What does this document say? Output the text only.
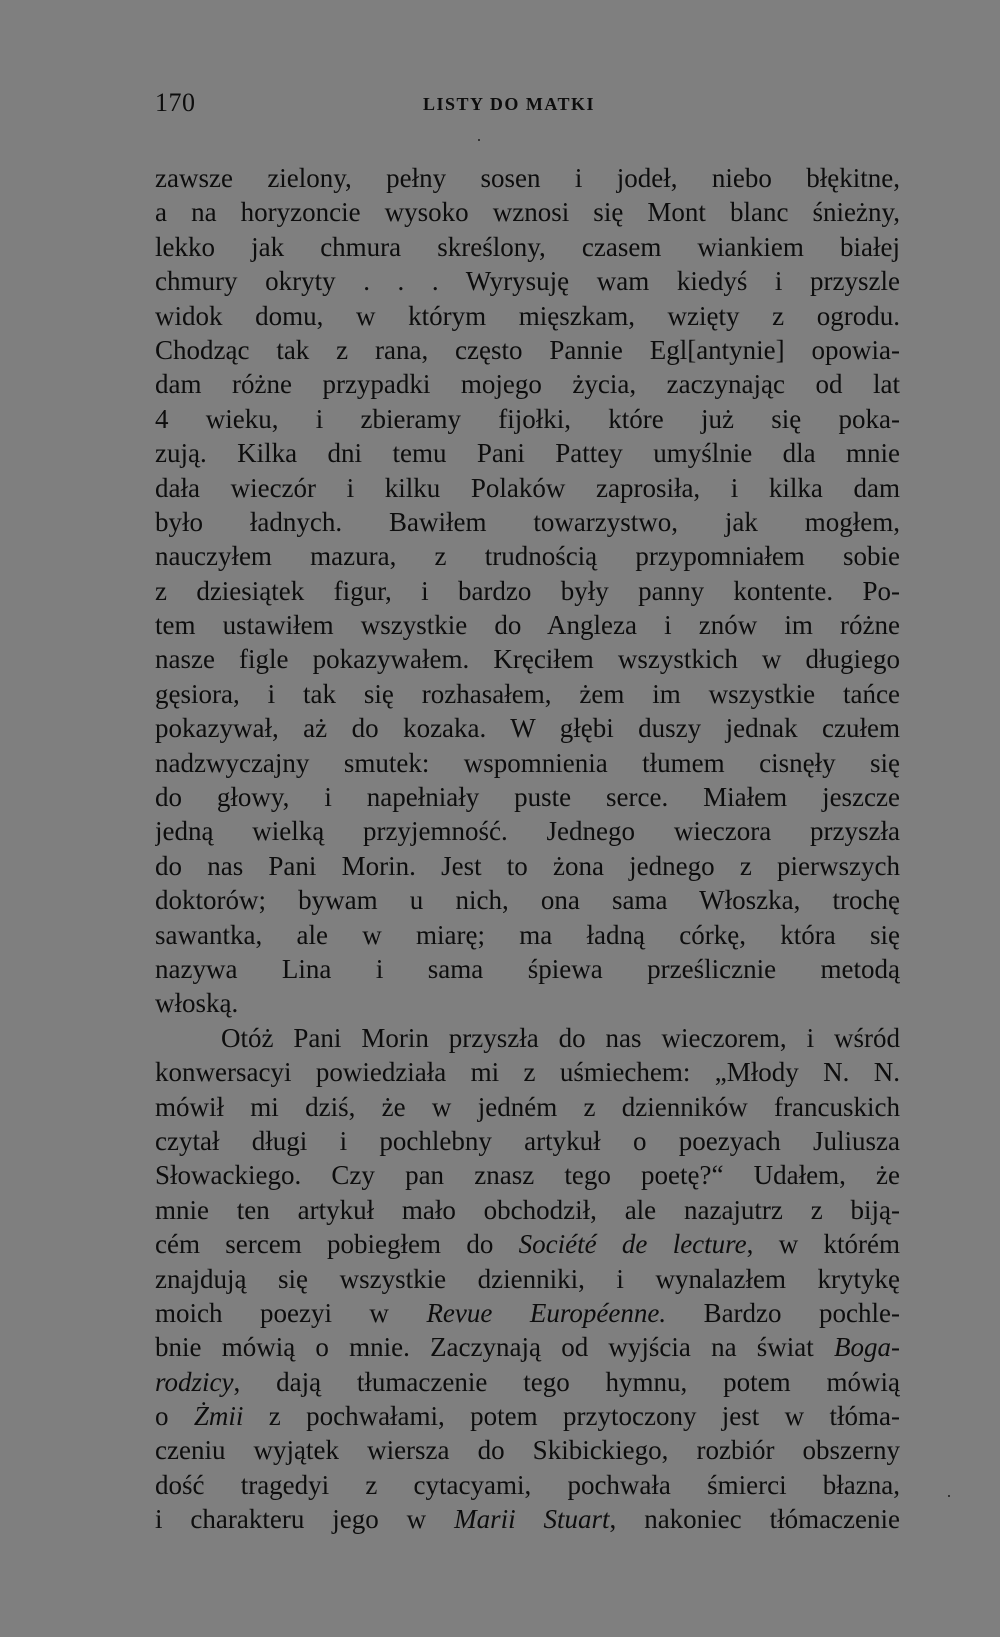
170	LISTY DO MATKI
zawsze zielony, pełny sosen i jodeł, niebo błękitne,
a na horyzoncie wysoko wznosi się Mont blanc śnieżny,
lekko jak chmura skreślony, czasem wiankiem białej
chmury okryty . . . Wyrysuję wam kiedyś i przyszle
widok domu, w którym mięszkam, wzięty z ogrodu.
Chodząc tak z rana, często Pannie Egl[antynie] opowia-
dam różne przypadki mojego życia, zaczynając od lat
4 wieku, i zbieramy fijołki, które już się poka-
zują. Kilka dni temu Pani Pattey umyślnie dla mnie
dała wieczór i kilku Polaków zaprosiła, i kilka dam
było ładnych. Bawiłem towarzystwo, jak mogłem,
nauczyłem mazura, z trudnością przypomniałem sobie
z dziesiątek figur, i bardzo były panny kontente. Po-
tem ustawiłem wszystkie do Angleza i znów im różne
nasze figle pokazywałem. Kręciłem wszystkich w długiego
gęsiora, i tak się rozhasałem, żem im wszystkie tańce
pokazywał, aż do kozaka. W głębi duszy jednak czułem
nadzwyczajny smutek: wspomnienia tłumem cisnęły się
do głowy, i napełniały puste serce. Miałem jeszcze
jedną wielką przyjemność. Jednego wieczora przyszła
do nas Pani Morin. Jest to żona jednego z pierwszych
doktorów; bywam u nich, ona sama Włoszka, trochę
sawantka, ale w miarę; ma ładną córkę, która się
nazywa Lina i sama śpiewa prześlicznie metodą
włoską.
Otóż Pani Morin przyszła do nas wieczorem, i wśród
konwersacyi powiedziała mi z uśmiechem: „Młody N. N.
mówił mi dziś, że w jedném z dzienników francuskich
czytał długi i pochlebny artykuł o poezyach Juliusza
Słowackiego. Czy pan znasz tego poetę?“ Udałem, że
mnie ten artykuł mało obchodził, ale nazajutrz z biją-
cém sercem pobiegłem do Société de lecture, w którém
znajdują się wszystkie dzienniki, i wynalazłem krytykę
moich poezyi w Revue Européenne. Bardzo pochle-
bnie mówią o mnie. Zaczynają od wyjścia na świat Boga-
rodzicy, dają tłumaczenie tego hymnu, potem mówią
o Żmii z pochwałami, potem przytoczony jest w tłóma-
czeniu wyjątek wiersza do Skibickiego, rozbiór obszerny
dość tragedyi z cytacyami, pochwała śmierci błazna,
i charakteru jego w Marii Stuart, nakoniec tłómaczenie
